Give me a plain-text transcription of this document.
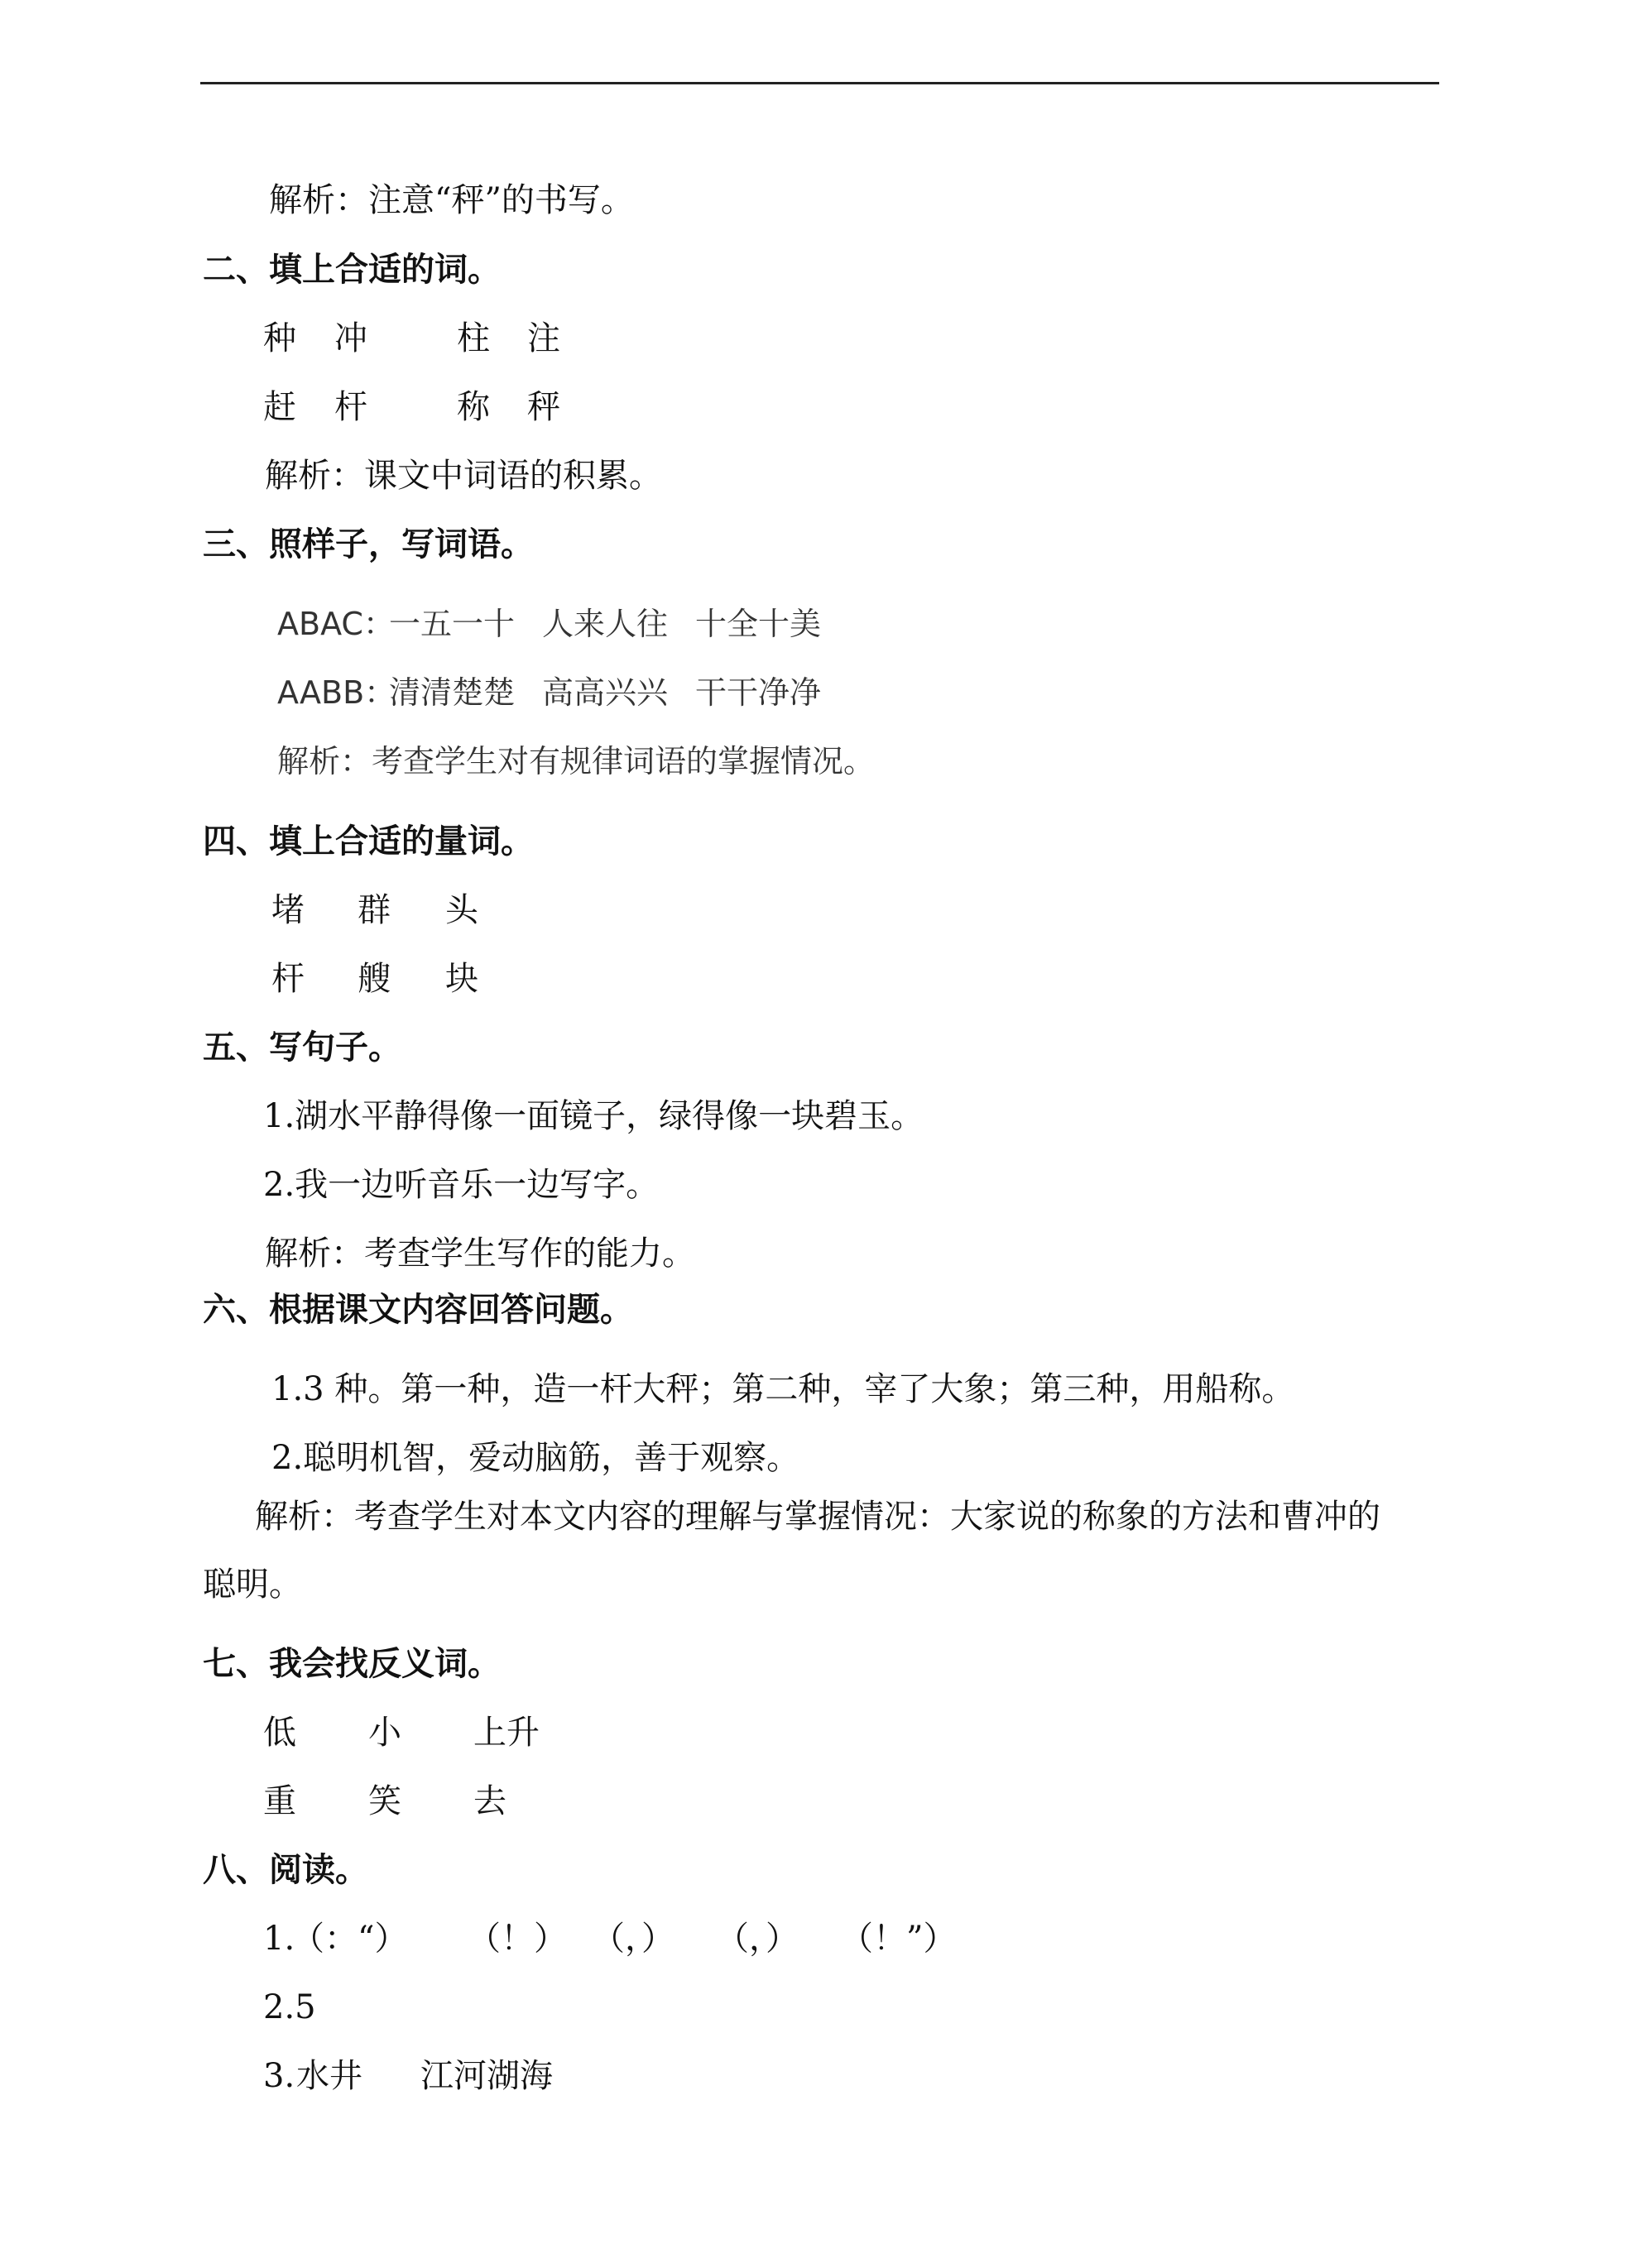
解析：注意“秤”的书写。
二、填上合适的词。
种 冲	柱 注
赶 杆	称 秤
解析：课文中词语的积累。
三、照样子，写词语。
ABAC：
一五一十 人来人往 十全十美
AABB：
清清楚楚 高高兴兴 干干净净
解析：考查学生对有规律词语的掌握情况。
四、填上合适的量词。
堵 群 头
杆 艘 块
五、写句子。
1.湖水平静得像一面镜子，绿得像一块碧玉。
2.我一边听音乐一边写字。
解析：考查学生写作的能力。
六、根据课文内容回答问题。
1.3 种。第一种，造一杆大秤；第二种，宰了大象；第三种，用船称。
2.聪明机智，爱动脑筋，善于观察。
解析：考查学生对本文内容的理解与掌握情况：大家说的称象的方法和曹冲的
聪明。
七、我会找反义词。
低 小 上升
重 笑 去
八、阅读。
1.
（：“） （！） （，） （，） （！”）
2.5
3. 水井 江河湖海
